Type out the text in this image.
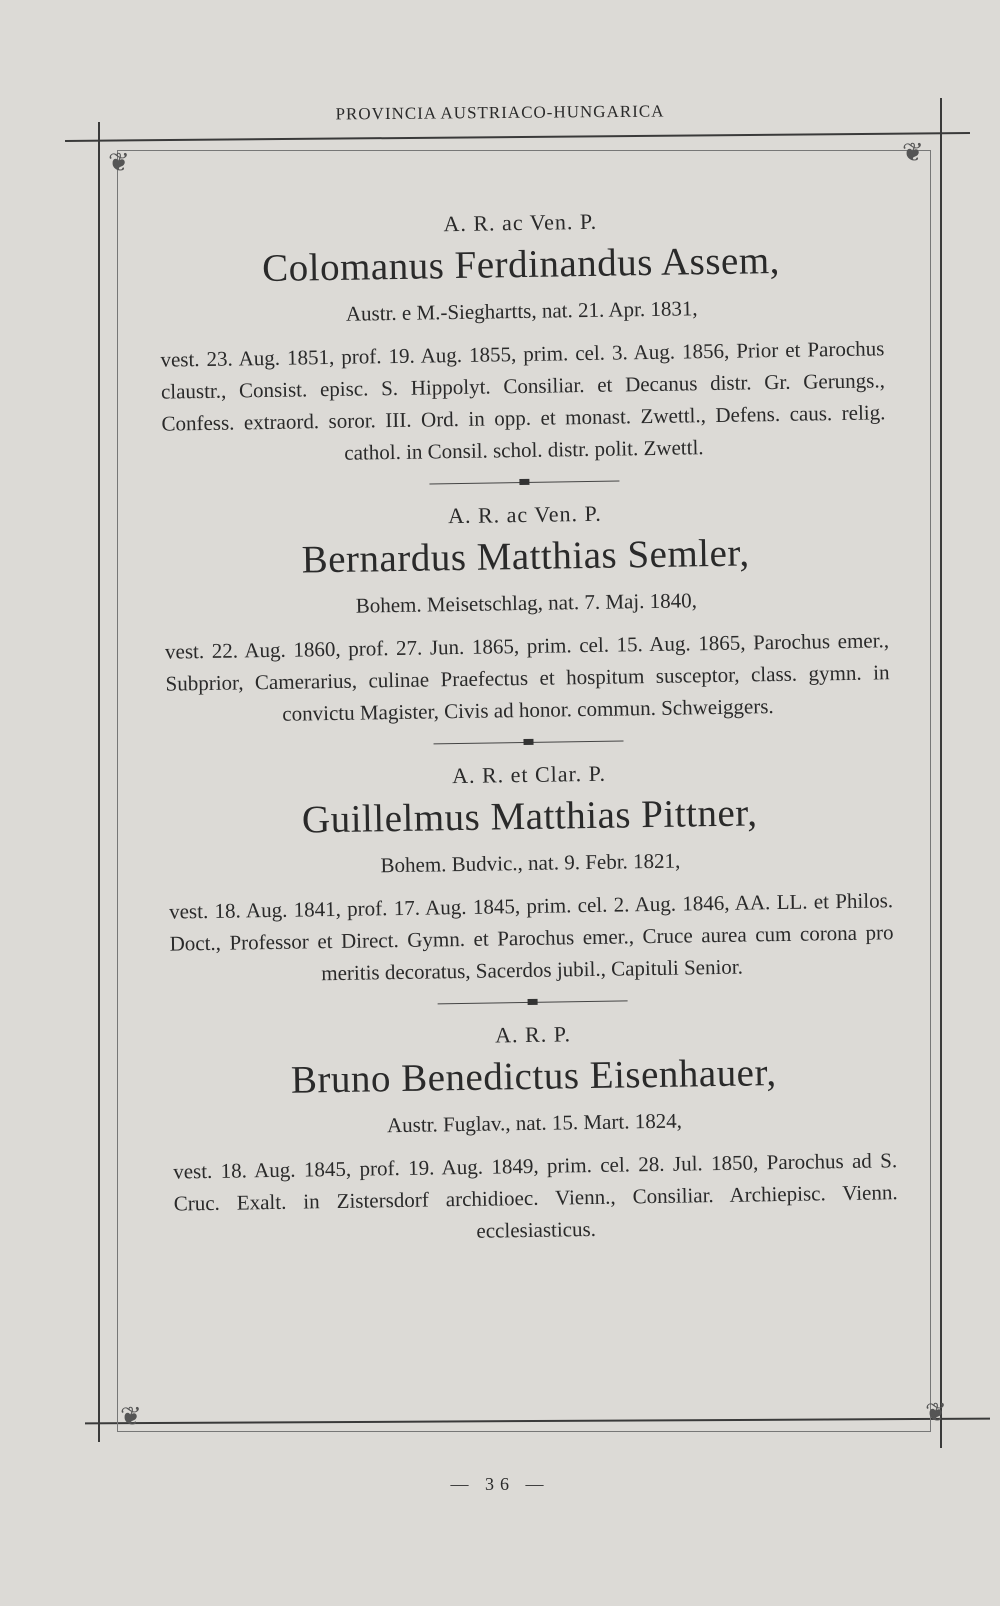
PROVINCIA AUSTRIACO-HUNGARICA
❦	❦
❦	❦
A. R. ac Ven. P.
Colomanus Ferdinandus Assem,
Austr. e M.-Sieghartts, nat. 21. Apr. 1831,
vest. 23. Aug. 1851, prof. 19. Aug. 1855, prim. cel. 3. Aug. 1856, Prior et Parochus claustr., Consist. episc. S. Hippolyt. Consiliar. et Decanus distr. Gr. Gerungs., Confess. extraord. soror. III. Ord. in opp. et monast. Zwettl., Defens. caus. relig. cathol. in Consil. schol. distr. polit. Zwettl.
A. R. ac Ven. P.
Bernardus Matthias Semler,
Bohem. Meisetschlag, nat. 7. Maj. 1840,
vest. 22. Aug. 1860, prof. 27. Jun. 1865, prim. cel. 15. Aug. 1865, Parochus emer., Subprior, Camerarius, culinae Praefectus et hospitum susceptor, class. gymn. in convictu Magister, Civis ad honor. commun. Schweiggers.
A. R. et Clar. P.
Guillelmus Matthias Pittner,
Bohem. Budvic., nat. 9. Febr. 1821,
vest. 18. Aug. 1841, prof. 17. Aug. 1845, prim. cel. 2. Aug. 1846, AA. LL. et Philos. Doct., Professor et Direct. Gymn. et Parochus emer., Cruce aurea cum corona pro meritis decoratus, Sacerdos jubil., Capituli Senior.
A. R. P.
Bruno Benedictus Eisenhauer,
Austr. Fuglav., nat. 15. Mart. 1824,
vest. 18. Aug. 1845, prof. 19. Aug. 1849, prim. cel. 28. Jul. 1850, Parochus ad S. Cruc. Exalt. in Zistersdorf archidioec. Vienn., Consiliar. Archiepisc. Vienn. ecclesiasticus.
— 36 —
